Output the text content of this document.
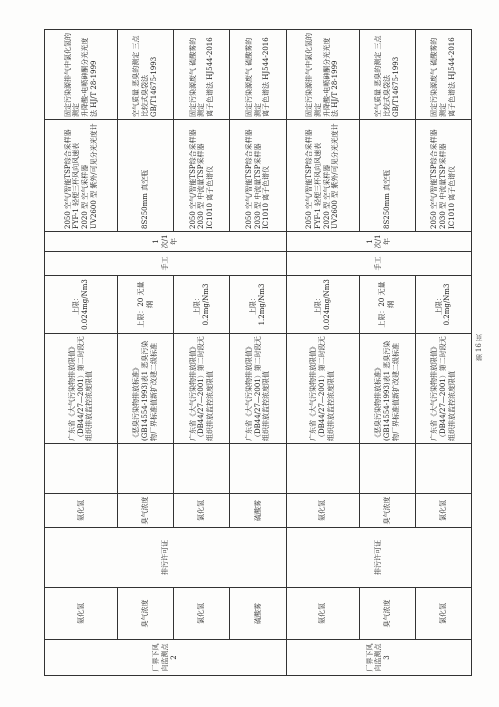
厂界下风向监测点2	氨化氢	排污许可证	氨化氢		广东省《大气污染物排放限值》（DB44/27—2001）第二时段无组织排放监控浓度限值	上限：0.024mg/Nm3	手工	1次/1年	2050 空气/智能TSP综合采样器
FYF-1 轻便三杯风向风速表
2020 型 空气采样器
UV2600 型 紫外/可见分光光度计	固定污染源排气中氯化氢的测定
升降酸-电喷砷酮分光光度法 HJ/T 28-1999
	臭气浓度		臭气浓度		《恶臭污染物排放标准》(GB14554-1993)表1 恶臭污染物厂界标准值新扩改建二级标准	上限：20 无量纲			8S250mm 真空瓶	空气质量 恶臭的测定 三点比较式臭袋法 GB/T14675-1993
	氯化氢		氯化氢		广东省《大气污染物排放限值》（DB44/27—2001）第二时段无组织排放监控浓度限值	上限：0.2mg/Nm3			2050 空气/智能TSP综合采样器
2030 型 中流量TSP采样器
IC1010 离子色谱仪	固定污染源废气 硫酸雾的测定
离子色谱法 HJ544-2016
	硫酸雾		硫酸雾		广东省《大气污染物排放限值》（DB44/27—2001）第二时段无组织排放监控浓度限值	上限：1.2mg/Nm3			2050 空气/智能TSP综合采样器
2030 型 中流量TSP采样器
IC1010 离子色谱仪	固定污染源废气 硫酸雾的测定
离子色谱法 HJ544-2016
厂界下风向监测点3	氨化氢	排污许可证	氨化氢		广东省《大气污染物排放限值》（DB44/27—2001）第二时段无组织排放监控浓度限值	上限：0.024mg/Nm3	手工	1次/1年	2050 空气/智能TSP综合采样器
FYF-1 轻便三杯风向风速表
2020 型 空气采样器
UV2600 型 紫外/可见分光光度计	固定污染源排气中氯化氢的测定
升降酸-电喷砷酮分光光度法 HJ/T 28-1999
	臭气浓度		臭气浓度		《恶臭污染物排放标准》(GB14554-1993)表1 恶臭污染物厂界标准值新扩改建二级标准	上限：20 无量纲			8S250mm 真空瓶	空气质量 恶臭的测定 三点比较式臭袋法 GB/T14675-1993
	氯化氢		氯化氢		广东省《大气污染物排放限值》（DB44/27—2001）第二时段无组织排放监控浓度限值	上限：0.2mg/Nm3			2050 空气/智能TSP综合采样器
2030 型 中流量TSP采样器
IC1010 离子色谱仪	固定污染源废气 硫酸雾的测定
离子色谱法 HJ544-2016
第 16 页
